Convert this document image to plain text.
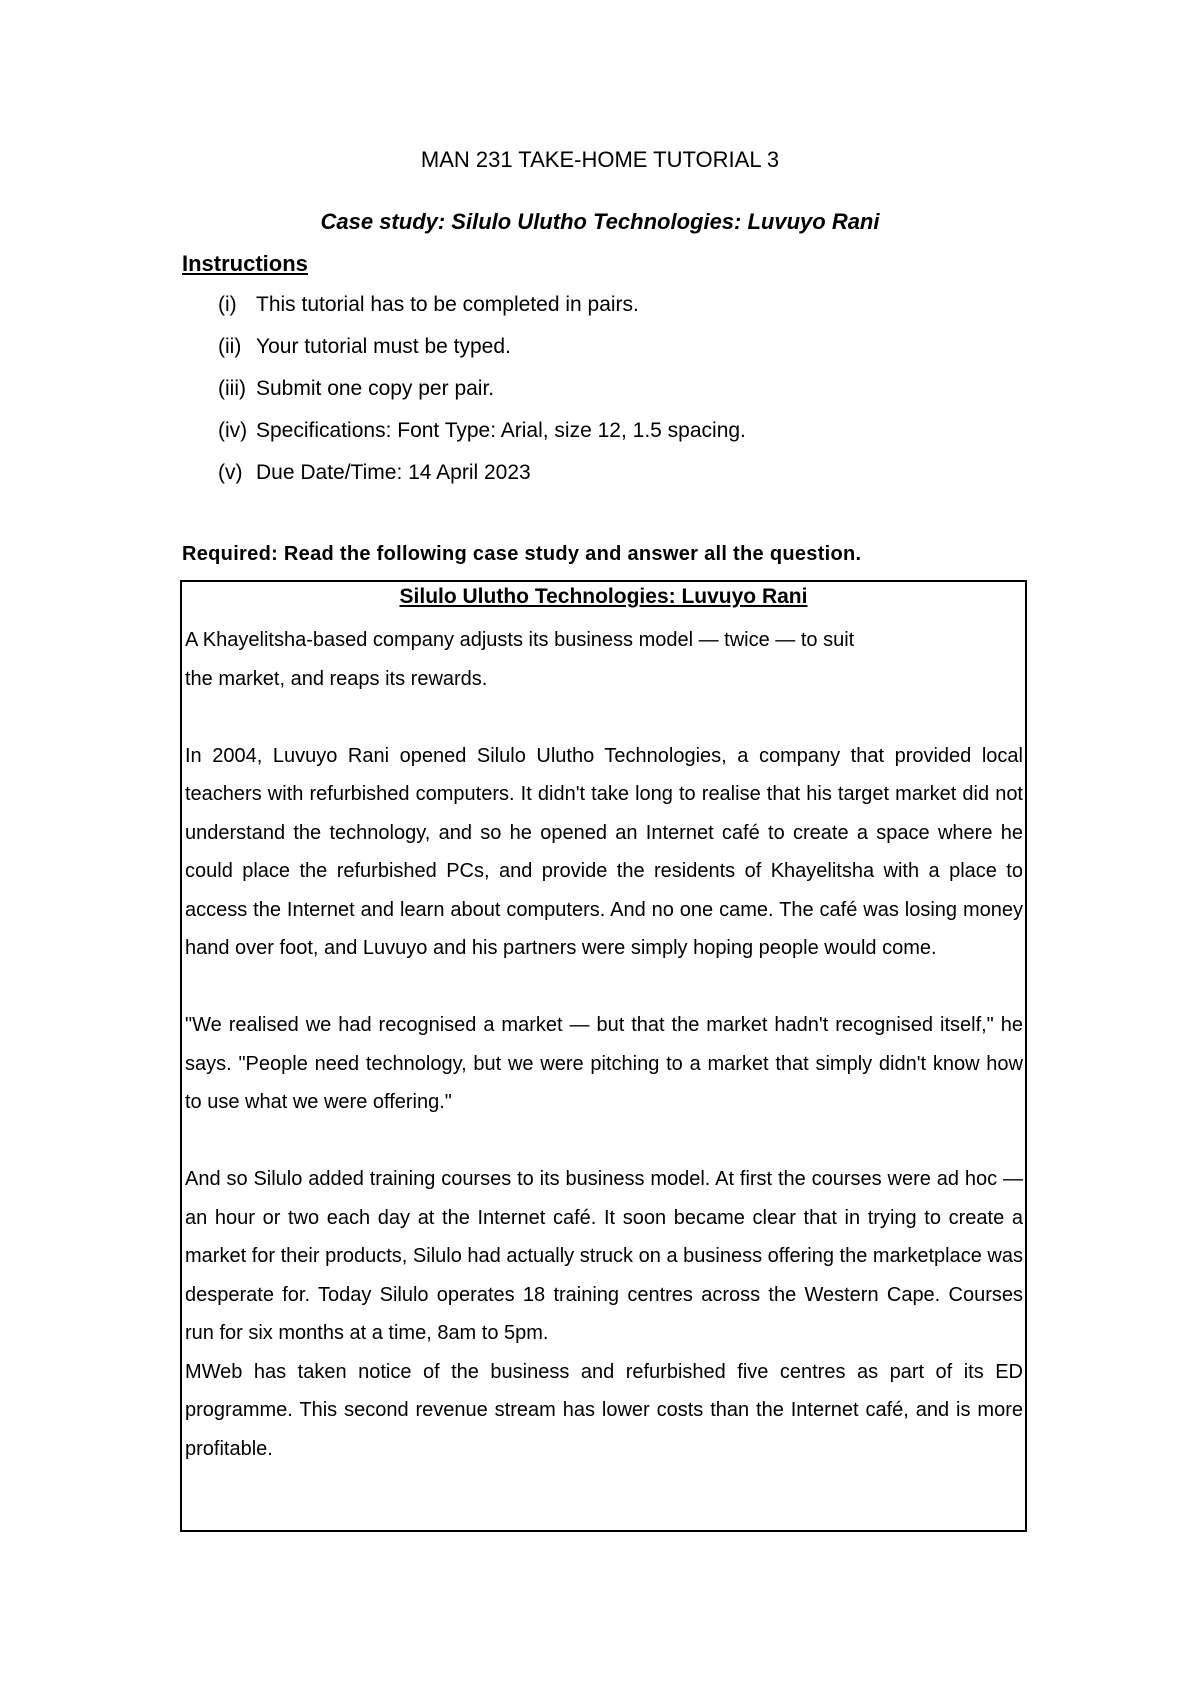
MAN 231 TAKE-HOME TUTORIAL 3
Case study: Silulo Ulutho Technologies: Luvuyo Rani
Instructions
(i) This tutorial has to be completed in pairs.
(ii) Your tutorial must be typed.
(iii) Submit one copy per pair.
(iv) Specifications: Font Type: Arial, size 12, 1.5 spacing.
(v) Due Date/Time: 14 April 2023
Required: Read the following case study and answer all the question.
Silulo Ulutho Technologies: Luvuyo Rani

A Khayelitsha-based company adjusts its business model — twice — to suit the market, and reaps its rewards.

In 2004, Luvuyo Rani opened Silulo Ulutho Technologies, a company that provided local teachers with refurbished computers. It didn't take long to realise that his target market did not understand the technology, and so he opened an Internet café to create a space where he could place the refurbished PCs, and provide the residents of Khayelitsha with a place to access the Internet and learn about computers. And no one came. The café was losing money hand over foot, and Luvuyo and his partners were simply hoping people would come.

"We realised we had recognised a market — but that the market hadn't recognised itself," he says. "People need technology, but we were pitching to a market that simply didn't know how to use what we were offering."

And so Silulo added training courses to its business model. At first the courses were ad hoc — an hour or two each day at the Internet café. It soon became clear that in trying to create a market for their products, Silulo had actually struck on a business offering the marketplace was desperate for. Today Silulo operates 18 training centres across the Western Cape. Courses run for six months at a time, 8am to 5pm.

MWeb has taken notice of the business and refurbished five centres as part of its ED programme. This second revenue stream has lower costs than the Internet café, and is more profitable.
